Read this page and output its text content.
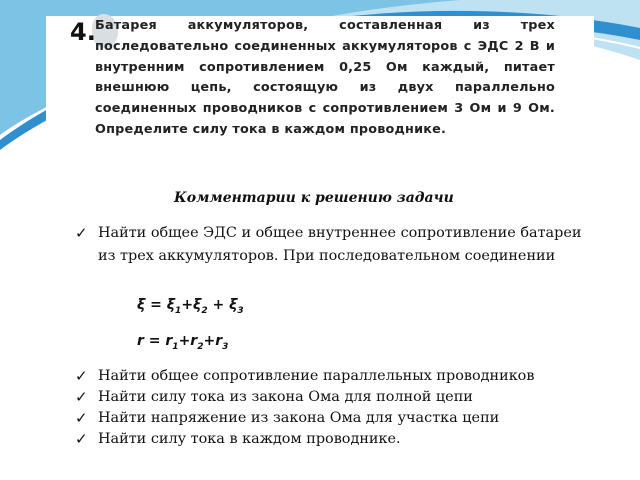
4. Батарея аккумуляторов, составленная из трех последовательно соединенных аккумуляторов с ЭДС 2 В и внутренним сопротивлением 0,25 Ом каждый, питает внешнюю цепь, состоящую из двух параллельно соединенных проводников с сопротивлением 3 Ом и 9 Ом. Определите силу тока в каждом проводнике.
Комментарии к решению задачи
✓ Найти общее ЭДС и общее внутреннее сопротивление батареи из трех аккумуляторов. При последовательном соединении
$\xi = \xi_1+\xi_2 + \xi_3$
$r = r_1+r_2+r_3$
✓ Найти общее сопротивление параллельных проводников
✓ Найти силу тока из закона Ома для полной цепи
✓ Найти напряжение из закона Ома для участка цепи
✓ Найти силу тока в каждом проводнике.
